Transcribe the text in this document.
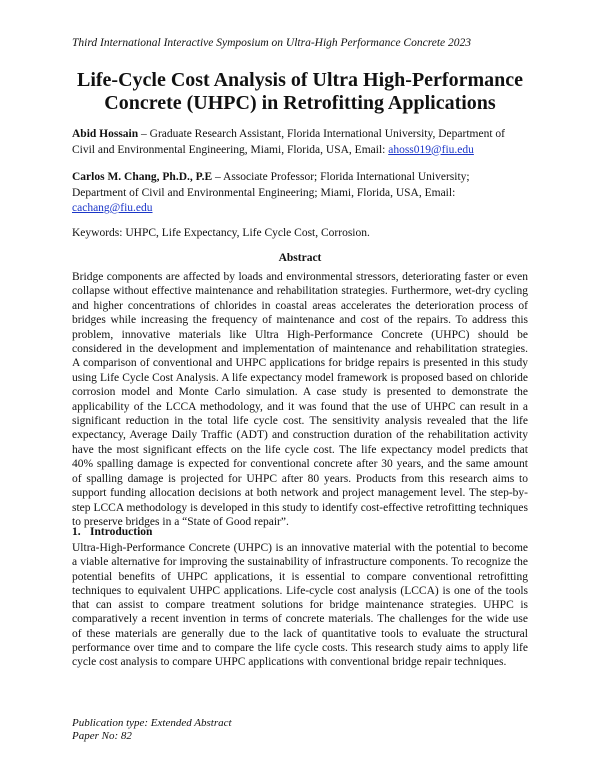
Third International Interactive Symposium on Ultra-High Performance Concrete 2023
Life-Cycle Cost Analysis of Ultra High-Performance
Concrete (UHPC) in Retrofitting Applications
Abid Hossain – Graduate Research Assistant, Florida International University, Department of
Civil and Environmental Engineering, Miami, Florida, USA, Email: ahoss019@fiu.edu
Carlos M. Chang, Ph.D., P.E – Associate Professor; Florida International University;
Department of Civil and Environmental Engineering; Miami, Florida, USA, Email:
cachang@fiu.edu
Keywords: UHPC, Life Expectancy, Life Cycle Cost, Corrosion.
Abstract
Bridge components are affected by loads and environmental stressors, deteriorating faster or even
collapse without effective maintenance and rehabilitation strategies. Furthermore, wet-dry cycling
and higher concentrations of chlorides in coastal areas accelerates the deterioration process of
bridges while increasing the frequency of maintenance and cost of the repairs. To address this
problem, innovative materials like Ultra High-Performance Concrete (UHPC) should be
considered in the development and implementation of maintenance and rehabilitation strategies.
A comparison of conventional and UHPC applications for bridge repairs is presented in this study
using Life Cycle Cost Analysis. A life expectancy model framework is proposed based on chloride
corrosion model and Monte Carlo simulation. A case study is presented to demonstrate the
applicability of the LCCA methodology, and it was found that the use of UHPC can result in a
significant reduction in the total life cycle cost. The sensitivity analysis revealed that the life
expectancy, Average Daily Traffic (ADT) and construction duration of the rehabilitation activity
have the most significant effects on the life cycle cost. The life expectancy model predicts that
40% spalling damage is expected for conventional concrete after 30 years, and the same amount
of spalling damage is projected for UHPC after 80 years. Products from this research aims to
support funding allocation decisions at both network and project management level. The step-by-
step LCCA methodology is developed in this study to identify cost-effective retrofitting techniques
to preserve bridges in a “State of Good repair”.
1. Introduction
Ultra-High-Performance Concrete (UHPC) is an innovative material with the potential to become
a viable alternative for improving the sustainability of infrastructure components. To recognize the
potential benefits of UHPC applications, it is essential to compare conventional retrofitting
techniques to equivalent UHPC applications. Life-cycle cost analysis (LCCA) is one of the tools
that can assist to compare treatment solutions for bridge maintenance strategies. UHPC is
comparatively a recent invention in terms of concrete materials. The challenges for the wide use
of these materials are generally due to the lack of quantitative tools to evaluate the structural
performance over time and to compare the life cycle costs. This research study aims to apply life
cycle cost analysis to compare UHPC applications with conventional bridge repair techniques.
Publication type: Extended Abstract
Paper No: 82
